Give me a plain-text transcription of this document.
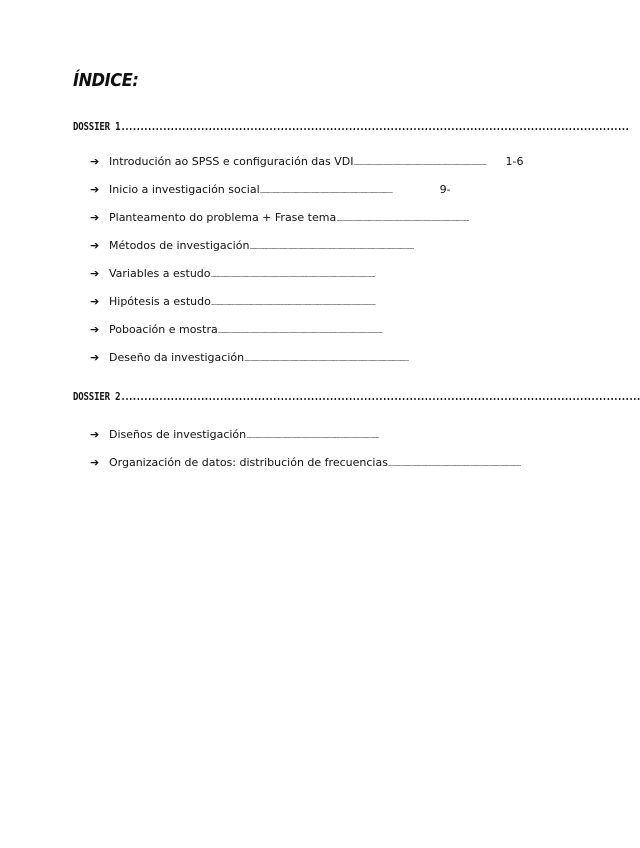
ÍNDICE:
DOSSIER 1......................................................................................................................................
➔ Introdución ao SPSS e configuración das VDI ..................................................................................................................................................	1-6
➔ Inicio a investigación social ..................................................................................................................................................	9-
➔ Planteamento do problema + Frase tema ..................................................................................................................................................
➔ Métodos de investigación .....................................................................................................................................................................................
➔ Variables a estudo .....................................................................................................................................................................................
➔ Hipótesis a estudo .....................................................................................................................................................................................
➔ Poboación e mostra .....................................................................................................................................................................................
➔ Deseño da investigación .....................................................................................................................................................................................
DOSSIER 2.........................................................................................................................................
➔ Diseños de investigación ..................................................................................................................................................
➔ Organización de datos: distribución de frecuencias ..................................................................................................................................................
